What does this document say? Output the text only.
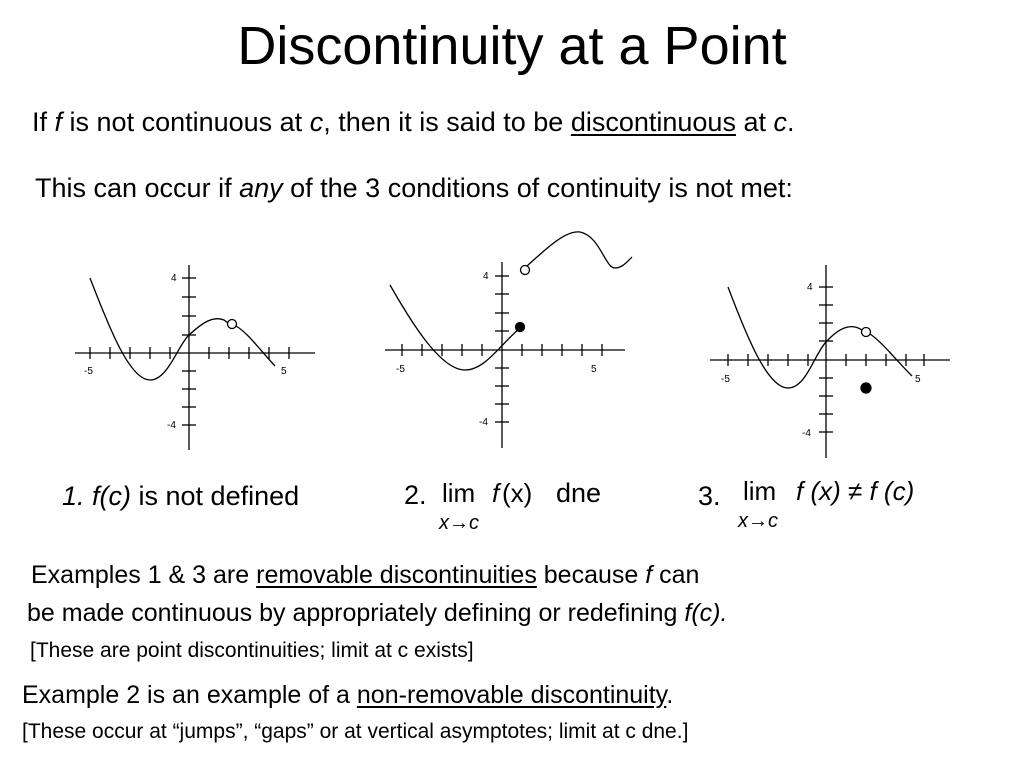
Discontinuity at a Point
If f is not continuous at c, then it is said to be discontinuous at c.
This can occur if any of the 3 conditions of continuity is not met:
-5	5
4
-4
-5	5
4
-4
-5	5
4
-4
1. f(c) is not defined	2. lim f (x) dne
x→c
3. lim f (x) ≠ f (c)
x→c
Examples 1 & 3 are removable discontinuities because f can
be made continuous by appropriately defining or redefining f(c).
[These are point discontinuities; limit at c exists]
Example 2 is an example of a non-removable discontinuity.
[These occur at “jumps”, “gaps” or at vertical asymptotes; limit at c dne.]
